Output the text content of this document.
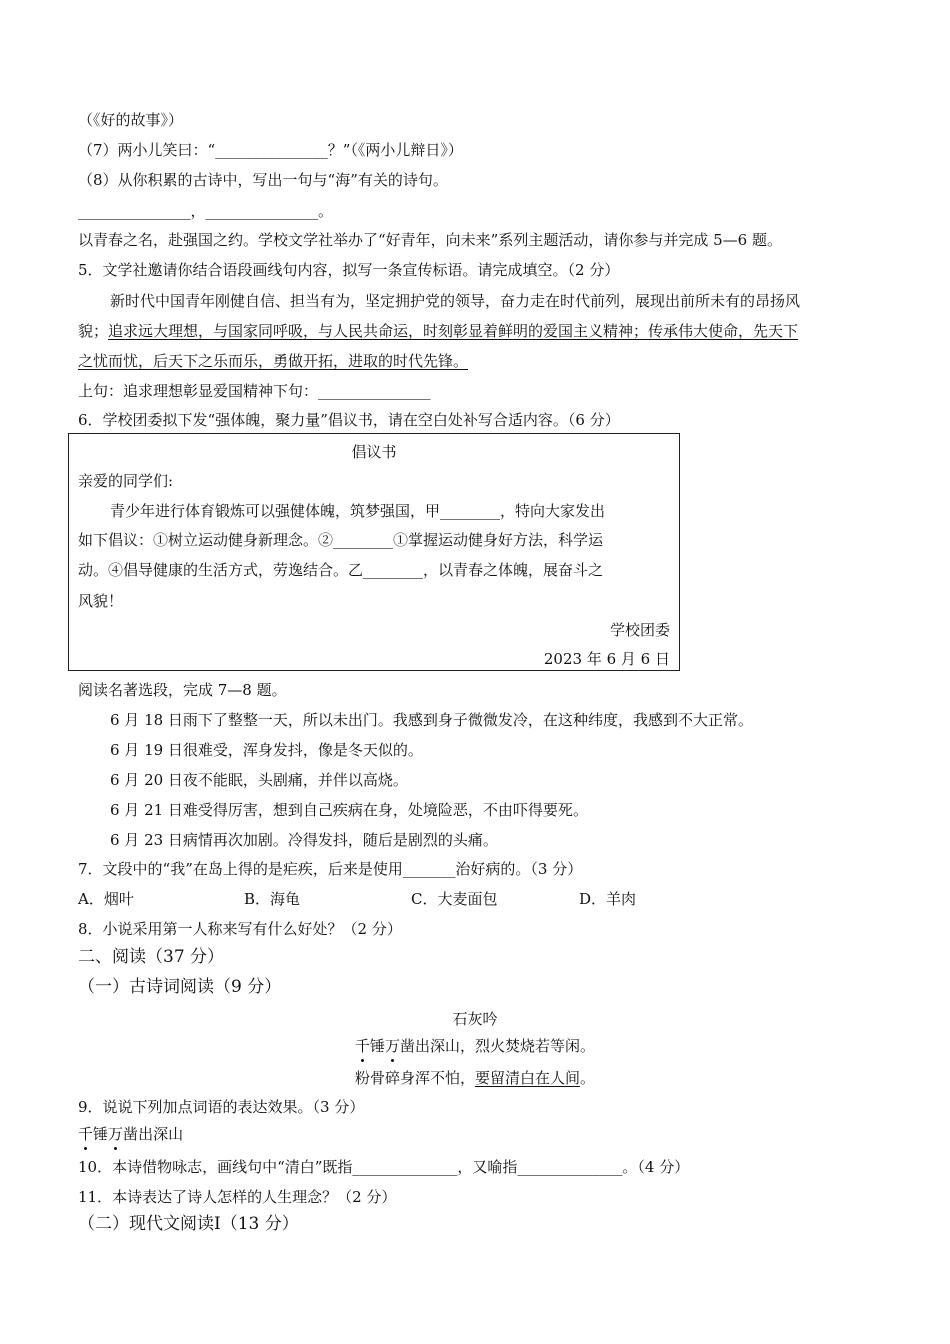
（《好的故事》）
（7）两小儿笑曰：“_______________？”（《两小儿辩日》）
（8）从你积累的古诗中，写出一句与“海”有关的诗句。
_______________，_______________。
以青春之名，赴强国之约。学校文学社举办了“好青年，向未来”系列主题活动，请你参与并完成 5—6 题。
5．文学社邀请你结合语段画线句内容，拟写一条宣传标语。请完成填空。（2 分）
新时代中国青年刚健自信、担当有为，坚定拥护党的领导，奋力走在时代前列，展现出前所未有的昂扬风
貌；追求远大理想，与国家同呼吸，与人民共命运，时刻彰显着鲜明的爱国主义精神；传承伟大使命，先天下
之忧而忧，后天下之乐而乐，勇做开拓，进取的时代先锋。
上句：追求理想彰显爱国精神下句：_______________
6．学校团委拟下发“强体魄，聚力量”倡议书，请在空白处补写合适内容。（6 分）
倡议书
亲爱的同学们:
青少年进行体育锻炼可以强健体魄，筑梦强国，甲________，特向大家发出
如下倡议：①树立运动健身新理念。②________①掌握运动健身好方法，科学运
动。④倡导健康的生活方式，劳逸结合。乙________，以青春之体魄，展奋斗之
风貌！
学校团委
2023 年 6 月 6 日
阅读名著选段，完成 7—8 题。
6 月 18 日雨下了整整一天，所以未出门。我感到身子微微发冷，在这种纬度，我感到不大正常。
6 月 19 日很难受，浑身发抖，像是冬天似的。
6 月 20 日夜不能眠，头剧痛，并伴以高烧。
6 月 21 日难受得厉害，想到自己疾病在身，处境险恶，不由吓得要死。
6 月 23 日病情再次加剧。冷得发抖，随后是剧烈的头痛。
7．文段中的“我”在岛上得的是疟疾，后来是使用_______治好病的。（3 分）
A．烟叶	B．海龟	C．大麦面包	D．羊肉
8．小说采用第一人称来写有什么好处？（2 分）
二、阅读（37 分）
（一）古诗词阅读（9 分）
石灰吟
千锤万凿出深山，烈火焚烧若等闲。
粉骨碎身浑不怕，要留清白在人间。
9．说说下列加点词语的表达效果。（3 分）
千锤万凿出深山
10．本诗借物咏志，画线句中“清白”既指______________，又喻指______________。（4 分）
11．本诗表达了诗人怎样的人生理念？（2 分）
（二）现代文阅读Ⅰ（13 分）
